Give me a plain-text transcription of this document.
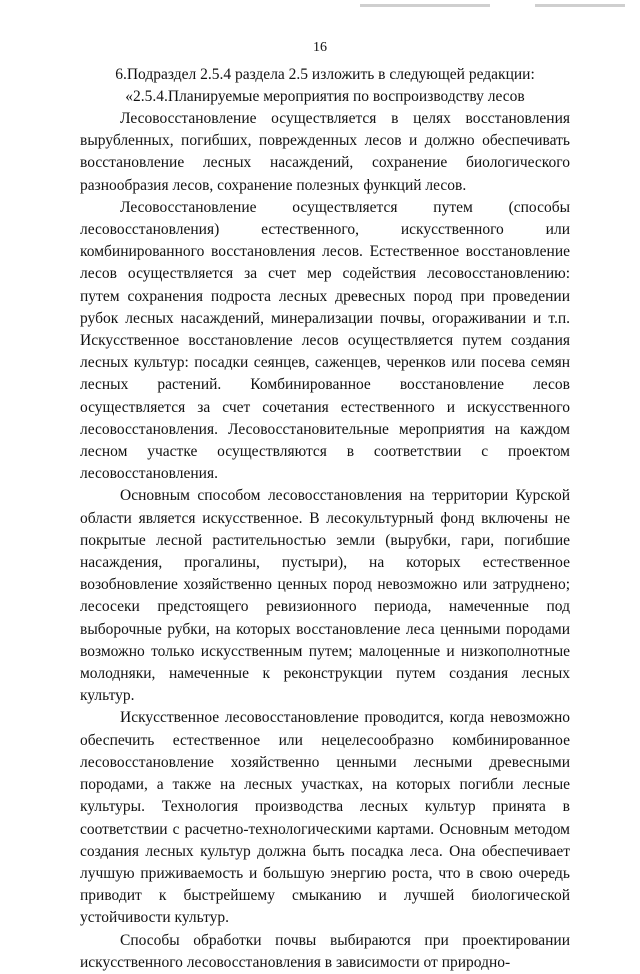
16

6.Подраздел 2.5.4 раздела 2.5 изложить в следующей редакции:

«2.5.4.Планируемые мероприятия по воспроизводству лесов

Лесовосстановление осуществляется в целях восстановления вырубленных, погибших, поврежденных лесов и должно обеспечивать восстановление лесных насаждений, сохранение биологического разнообразия лесов, сохранение полезных функций лесов.

Лесовосстановление осуществляется путем (способы лесовосстановления) естественного, искусственного или комбинированного восстановления лесов. Естественное восстановление лесов осуществляется за счет мер содействия лесовосстановлению: путем сохранения подроста лесных древесных пород при проведении рубок лесных насаждений, минерализации почвы, огораживании и т.п. Искусственное восстановление лесов осуществляется путем создания лесных культур: посадки сеянцев, саженцев, черенков или посева семян лесных растений. Комбинированное восстановление лесов осуществляется за счет сочетания естественного и искусственного лесовосстановления. Лесовосстановительные мероприятия на каждом лесном участке осуществляются в соответствии с проектом лесовосстановления.

Основным способом лесовосстановления на территории Курской области является искусственное. В лесокультурный фонд включены не покрытые лесной растительностью земли (вырубки, гари, погибшие насаждения, прогалины, пустыри), на которых естественное возобновление хозяйственно ценных пород невозможно или затруднено; лесосеки предстоящего ревизионного периода, намеченные под выборочные рубки, на которых восстановление леса ценными породами возможно только искусственным путем; малоценные и низкополнотные молодняки, намеченные к реконструкции путем создания лесных культур.

Искусственное лесовосстановление проводится, когда невозможно обеспечить естественное или нецелесообразно комбинированное лесовосстановление хозяйственно ценными лесными древесными породами, а также на лесных участках, на которых погибли лесные культуры. Технология производства лесных культур принята в соответствии с расчетно-технологическими картами. Основным методом создания лесных культур должна быть посадка леса. Она обеспечивает лучшую приживаемость и большую энергию роста, что в свою очередь приводит к быстрейшему смыканию и лучшей биологической устойчивости культур.

Способы обработки почвы выбираются при проектировании искусственного лесовосстановления в зависимости от природно-
